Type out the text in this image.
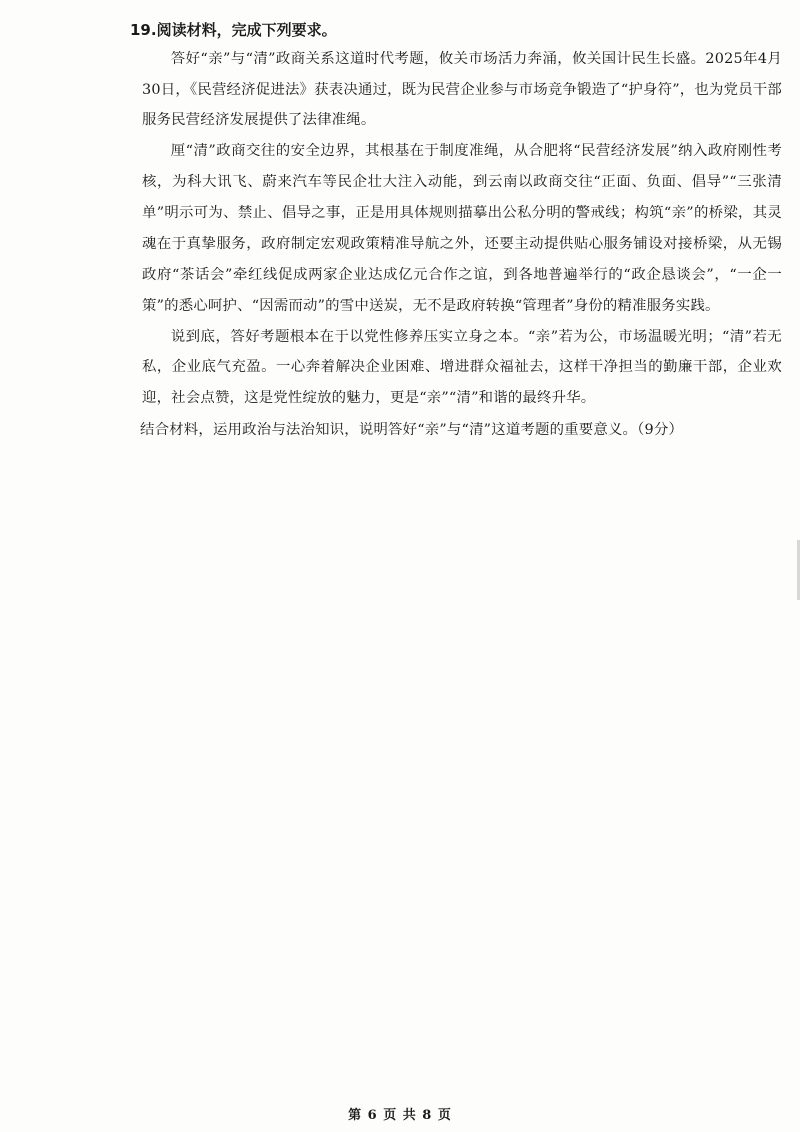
19.阅读材料，完成下列要求。

答好“亲”与“清”政商关系这道时代考题，攸关市场活力奔涌，攸关国计民生长盛。2025年4月30日，《民营经济促进法》获表决通过，既为民营企业参与市场竞争锻造了“护身符”，也为党员干部服务民营经济发展提供了法律准绳。

厘“清”政商交往的安全边界，其根基在于制度准绳，从合肥将“民营经济发展”纳入政府刚性考核，为科大讯飞、蔚来汽车等民企壮大注入动能，到云南以政商交往“正面、负面、倡导”“三张清单”明示可为、禁止、倡导之事，正是用具体规则描摹出公私分明的警戒线；构筑“亲”的桥梁，其灵魂在于真挚服务，政府制定宏观政策精准导航之外，还要主动提供贴心服务铺设对接桥梁，从无锡政府“茶话会”牵红线促成两家企业达成亿元合作之谊，到各地普遍举行的“政企恳谈会”，“一企一策”的悉心呵护、“因需而动”的雪中送炭，无不是政府转换“管理者”身份的精准服务实践。

说到底，答好考题根本在于以党性修养压实立身之本。“亲”若为公，市场温暖光明；“清”若无私，企业底气充盈。一心奔着解决企业困难、增进群众福祉去，这样干净担当的勤廉干部，企业欢迎，社会点赞，这是党性绽放的魅力，更是“亲”“清”和谐的最终升华。

结合材料，运用政治与法治知识，说明答好“亲”与“清”这道考题的重要意义。（9分）
第 6 页 共 8 页
